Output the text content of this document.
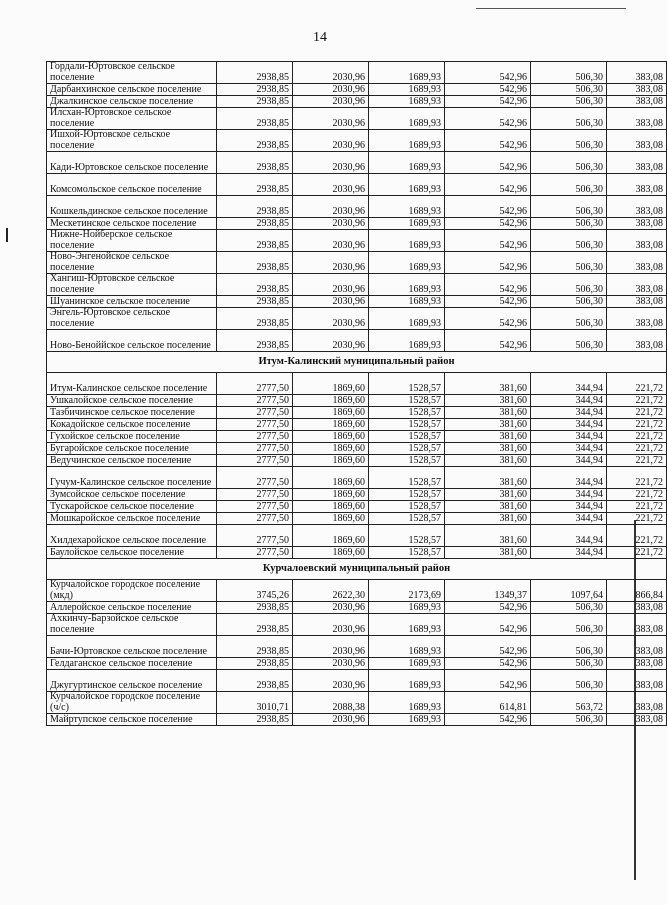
14
Гордали-Юртовское сельское поселение	2938,85	2030,96	1689,93	542,96	506,30	383,08
Дарбанхинское сельское поселение	2938,85	2030,96	1689,93	542,96	506,30	383,08
Джалкинское сельское поселение	2938,85	2030,96	1689,93	542,96	506,30	383,08
Илсхан-Юртовское сельское поселение	2938,85	2030,96	1689,93	542,96	506,30	383,08
Ишхой-Юртовское сельское поселение	2938,85	2030,96	1689,93	542,96	506,30	383,08
Кади-Юртовское сельское поселение	2938,85	2030,96	1689,93	542,96	506,30	383,08
Комсомольское сельское поселение	2938,85	2030,96	1689,93	542,96	506,30	383,08
Кошкельдинское сельское поселение	2938,85	2030,96	1689,93	542,96	506,30	383,08
Мескетинское сельское поселение	2938,85	2030,96	1689,93	542,96	506,30	383,08
Нижне-Нойберское сельское поселение	2938,85	2030,96	1689,93	542,96	506,30	383,08
Ново-Энгенойское сельское поселение	2938,85	2030,96	1689,93	542,96	506,30	383,08
Хангиш-Юртовское сельское поселение	2938,85	2030,96	1689,93	542,96	506,30	383,08
Шуанинское сельское поселение	2938,85	2030,96	1689,93	542,96	506,30	383,08
Энгель-Юртовское сельское поселение	2938,85	2030,96	1689,93	542,96	506,30	383,08
Ново-Беноййское сельское поселение	2938,85	2030,96	1689,93	542,96	506,30	383,08
Итум-Калинский муниципальный район						
Итум-Калинское сельское поселение	2777,50	1869,60	1528,57	381,60	344,94	221,72
Ушкалойское сельское поселение	2777,50	1869,60	1528,57	381,60	344,94	221,72
Тазбичинское сельское поселение	2777,50	1869,60	1528,57	381,60	344,94	221,72
Кокадойское сельское поселение	2777,50	1869,60	1528,57	381,60	344,94	221,72
Гухойское сельское поселение	2777,50	1869,60	1528,57	381,60	344,94	221,72
Бугаройское сельское поселение	2777,50	1869,60	1528,57	381,60	344,94	221,72
Ведучинское сельское поселение	2777,50	1869,60	1528,57	381,60	344,94	221,72
Гучум-Калинское сельское поселение	2777,50	1869,60	1528,57	381,60	344,94	221,72
Зумсойское сельское поселение	2777,50	1869,60	1528,57	381,60	344,94	221,72
Тускаройское сельское поселение	2777,50	1869,60	1528,57	381,60	344,94	221,72
Мошкаройское сельское поселение	2777,50	1869,60	1528,57	381,60	344,94	221,72
Хилдехаройское сельское поселение	2777,50	1869,60	1528,57	381,60	344,94	221,72
Баулойское сельское поселение	2777,50	1869,60	1528,57	381,60	344,94	221,72
Курчалоевский муниципальный район						
Курчалойское городское поселение (мкд)	3745,26	2622,30	2173,69	1349,37	1097,64	866,84
Аллеройское сельское поселение	2938,85	2030,96	1689,93	542,96	506,30	383,08
Ахкинчу-Барзойское сельское поселение	2938,85	2030,96	1689,93	542,96	506,30	383,08
Бачи-Юртовское сельское поселение	2938,85	2030,96	1689,93	542,96	506,30	383,08
Гелдаганское сельское поселение	2938,85	2030,96	1689,93	542,96	506,30	383,08
Джугуртинское сельское поселение	2938,85	2030,96	1689,93	542,96	506,30	383,08
Курчалойское городское поселение (ч/с)	3010,71	2088,38	1689,93	614,81	563,72	383,08
Майртупское сельское поселение	2938,85	2030,96	1689,93	542,96	506,30	383,08
